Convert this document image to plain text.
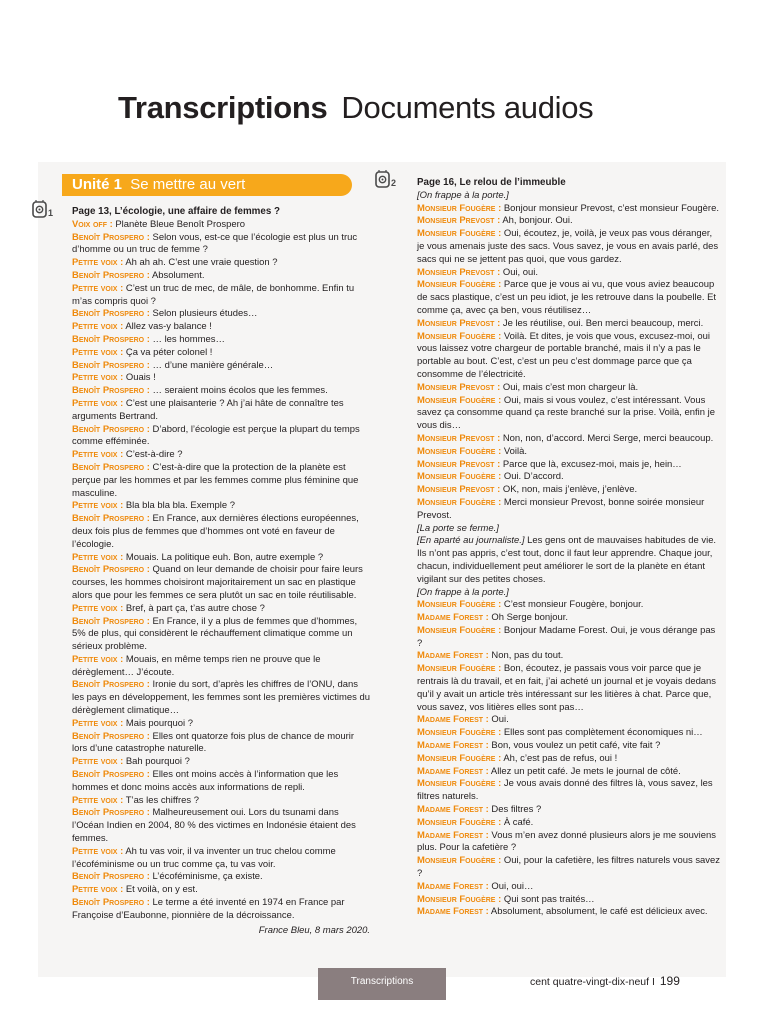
Transcriptions Documents audios
Unité 1 Se mettre au vert
1
2
Page 13, L’écologie, une affaire de femmes ?

Voix off : Planète Bleue Benoît Prospero

Benoît Prospero : Selon vous, est-ce que l’écologie est plus un truc d’homme ou un truc de femme ?

Petite voix : Ah ah ah. C’est une vraie question ?

Benoît Prospero : Absolument.

Petite voix : C’est un truc de mec, de mâle, de bonhomme. Enfin tu m’as compris quoi ?

Benoît Prospero : Selon plusieurs études…

Petite voix : Allez vas-y balance !

Benoît Prospero : … les hommes…

Petite voix : Ça va péter colonel !

Benoît Prospero : … d’une manière générale…

Petite voix : Ouais !

Benoît Prospero : … seraient moins écolos que les femmes.

Petite voix : C’est une plaisanterie ? Ah j’ai hâte de connaître tes arguments Bertrand.

Benoît Prospero : D’abord, l’écologie est perçue la plupart du temps comme efféminée.

Petite voix : C’est-à-dire ?

Benoît Prospero : C’est-à-dire que la protection de la planète est perçue par les hommes et par les femmes comme plus féminine que masculine.

Petite voix : Bla bla bla bla. Exemple ?

Benoît Prospero : En France, aux dernières élections européennes, deux fois plus de femmes que d’hommes ont voté en faveur de l’écologie.

Petite voix : Mouais. La politique euh. Bon, autre exemple ?

Benoît Prospero : Quand on leur demande de choisir pour faire leurs courses, les hommes choisiront majoritairement un sac en plastique alors que pour les femmes ce sera plutôt un sac en toile réutilisable.

Petite voix : Bref, à part ça, t’as autre chose ?

Benoît Prospero : En France, il y a plus de femmes que d’hommes, 5% de plus, qui considèrent le réchauffement climatique comme un sérieux problème.

Petite voix : Mouais, en même temps rien ne prouve que le dérèglement… J’écoute.

Benoît Prospero : Ironie du sort, d’après les chiffres de l’ONU, dans les pays en développement, les femmes sont les premières victimes du dérèglement climatique…

Petite voix : Mais pourquoi ?

Benoît Prospero : Elles ont quatorze fois plus de chance de mourir lors d’une catastrophe naturelle.

Petite voix : Bah pourquoi ?

Benoît Prospero : Elles ont moins accès à l’information que les hommes et donc moins accès aux informations de repli.

Petite voix : T’as les chiffres ?

Benoît Prospero : Malheureusement oui. Lors du tsunami dans l’Océan Indien en 2004, 80 % des victimes en Indonésie étaient des femmes.

Petite voix : Ah tu vas voir, il va inventer un truc chelou comme l’écoféminisme ou un truc comme ça, tu vas voir.

Benoît Prospero : L’écoféminisme, ça existe.

Petite voix : Et voilà, on y est.

Benoît Prospero : Le terme a été inventé en 1974 en France par Françoise d’Eaubonne, pionnière de la décroissance.

France Bleu, 8 mars 2020.
Page 16, Le relou de l’immeuble

[On frappe à la porte.]

Monsieur Fougère : Bonjour monsieur Prevost, c’est monsieur Fougère.

Monsieur Prevost : Ah, bonjour. Oui.

Monsieur Fougère : Oui, écoutez, je, voilà, je veux pas vous déranger, je vous amenais juste des sacs. Vous savez, je vous en avais parlé, des sacs qui ne se jettent pas quoi, que vous gardez.

Monsieur Prevost : Oui, oui.

Monsieur Fougère : Parce que je vous ai vu, que vous aviez beaucoup de sacs plastique, c’est un peu idiot, je les retrouve dans la poubelle. Et comme ça, avec ça ben, vous réutilisez…

Monsieur Prevost : Je les réutilise, oui. Ben merci beaucoup, merci.

Monsieur Fougère : Voilà. Et dites, je vois que vous, excusez-moi, oui vous laissez votre chargeur de portable branché, mais il n’y a pas le portable au bout. C’est, c’est un peu c’est dommage parce que ça consomme de l’électricité.

Monsieur Prevost : Oui, mais c’est mon chargeur là.

Monsieur Fougère : Oui, mais si vous voulez, c’est intéressant. Vous savez ça consomme quand ça reste branché sur la prise. Voilà, enfin je vous dis…

Monsieur Prevost : Non, non, d’accord. Merci Serge, merci beaucoup.

Monsieur Fougère : Voilà.

Monsieur Prevost : Parce que là, excusez-moi, mais je, hein…

Monsieur Fougère : Oui. D’accord.

Monsieur Prevost : OK, non, mais j’enlève, j’enlève.

Monsieur Fougère : Merci monsieur Prevost, bonne soirée monsieur Prevost.

[La porte se ferme.]

[En aparté au journaliste.] Les gens ont de mauvaises habitudes de vie. Ils n’ont pas appris, c’est tout, donc il faut leur apprendre. Chaque jour, chacun, individuellement peut améliorer le sort de la planète en étant vigilant sur des petites choses.

[On frappe à la porte.]

Monsieur Fougère : C’est monsieur Fougère, bonjour.

Madame Forest : Oh Serge bonjour.

Monsieur Fougère : Bonjour Madame Forest. Oui, je vous dérange pas ?

Madame Forest : Non, pas du tout.

Monsieur Fougère : Bon, écoutez, je passais vous voir parce que je rentrais là du travail, et en fait, j’ai acheté un journal et je voyais dedans qu’il y avait un article très intéressant sur les litières à chat. Parce que, vous savez, vos litières elles sont pas…

Madame Forest : Oui.

Monsieur Fougère : Elles sont pas complètement économiques ni…

Madame Forest : Bon, vous voulez un petit café, vite fait ?

Monsieur Fougère : Ah, c’est pas de refus, oui !

Madame Forest : Allez un petit café. Je mets le journal de côté.

Monsieur Fougère : Je vous avais donné des filtres là, vous savez, les filtres naturels.

Madame Forest : Des filtres ?

Monsieur Fougère : À café.

Madame Forest : Vous m’en avez donné plusieurs alors je me souviens plus. Pour la cafetière ?

Monsieur Fougère : Oui, pour la cafetière, les filtres naturels vous savez ?

Madame Forest : Oui, oui…

Monsieur Fougère : Qui sont pas traités…

Madame Forest : Absolument, absolument, le café est délicieux avec.

Transcriptions	cent quatre-vingt-dix-neuf I 199
